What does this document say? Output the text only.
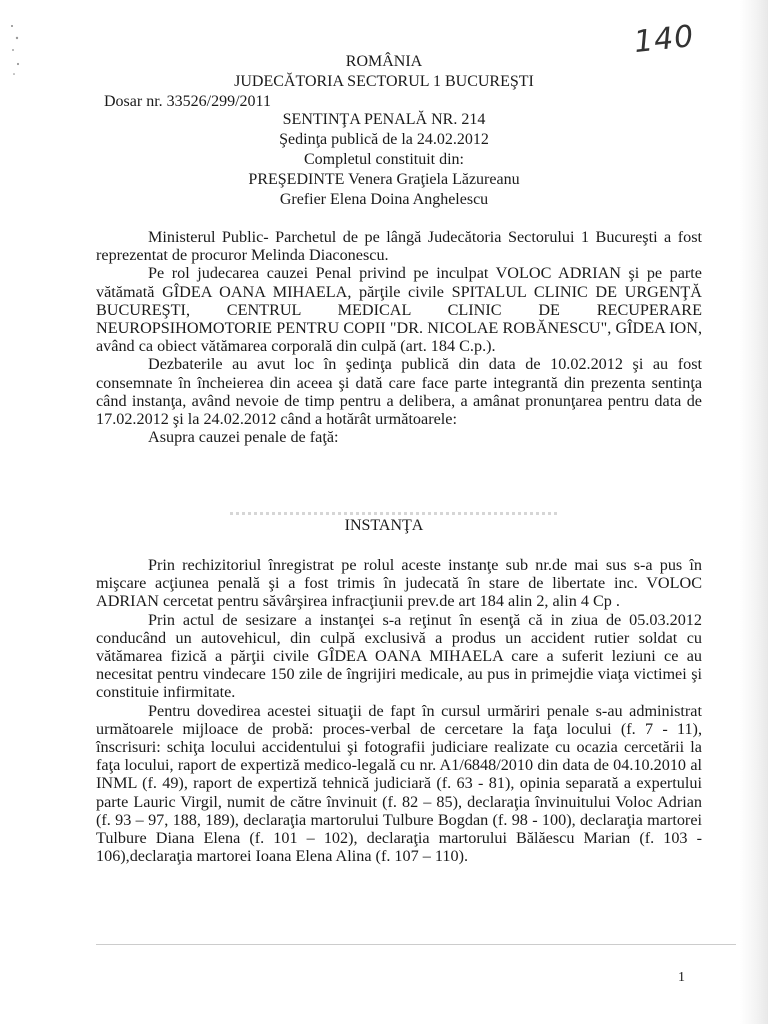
140
ROMÂNIA
JUDECĂTORIA SECTORUL 1 BUCUREŞTI
Dosar nr. 33526/299/2011
SENTINŢA PENALĂ NR. 214
Şedinţa publică de la 24.02.2012
Completul constituit din:
PREŞEDINTE Venera Graţiela Lăzureanu
Grefier Elena Doina Anghelescu

Ministerul Public- Parchetul de pe lângă Judecătoria Sectorului 1 Bucureşti a fost reprezentat de procuror Melinda Diaconescu.

Pe rol judecarea cauzei Penal privind pe inculpat VOLOC ADRIAN şi pe parte vătămată GÎDEA OANA MIHAELA, părţile civile SPITALUL CLINIC DE URGENŢĂ BUCUREŞTI, CENTRUL MEDICAL CLINIC DE RECUPERARE NEUROPSIHOMOTORIE PENTRU COPII "DR. NICOLAE ROBĂNESCU", GÎDEA ION, având ca obiect vătămarea corporală din culpă (art. 184 C.p.).

Dezbaterile au avut loc în şedinţa publică din data de 10.02.2012 şi au fost consemnate în încheierea din aceea şi dată care face parte integrantă din prezenta sentinţa când instanţa, având nevoie de timp pentru a delibera, a amânat pronunţarea pentru data de 17.02.2012 şi la 24.02.2012 când a hotărât următoarele:

Asupra cauzei penale de faţă:

INSTANŢA

Prin rechizitoriul înregistrat pe rolul aceste instanţe sub nr.de mai sus s-a pus în mişcare acţiunea penală şi a fost trimis în judecată în stare de libertate inc. VOLOC ADRIAN cercetat pentru săvârşirea infracţiunii prev.de art 184 alin 2, alin 4 Cp .

Prin actul de sesizare a instanţei s-a reţinut în esenţă că in ziua de 05.03.2012 conducând un autovehicul, din culpă exclusivă a produs un accident rutier soldat cu vătămarea fizică a părţii civile GÎDEA OANA MIHAELA care a suferit leziuni ce au necesitat pentru vindecare 150 zile de îngrijiri medicale, au pus in primejdie viaţa victimei şi constituie infirmitate.

Pentru dovedirea acestei situaţii de fapt în cursul urmăriri penale s-au administrat următoarele mijloace de probă: proces-verbal de cercetare la faţa locului (f. 7 - 11), înscrisuri: schiţa locului accidentului şi fotografii judiciare realizate cu ocazia cercetării la faţa locului, raport de expertiză medico-legală cu nr. A1/6848/2010 din data de 04.10.2010 al INML (f. 49), raport de expertiză tehnică judiciară (f. 63 - 81), opinia separată a expertului parte Lauric Virgil, numit de către învinuit (f. 82 – 85), declaraţia învinuitului Voloc Adrian (f. 93 – 97, 188, 189), declaraţia martorului Tulbure Bogdan (f. 98 - 100), declaraţia martorei Tulbure Diana Elena (f. 101 – 102), declaraţia martorului Bălăescu Marian (f. 103 - 106),declaraţia martorei Ioana Elena Alina (f. 107 – 110).

1
